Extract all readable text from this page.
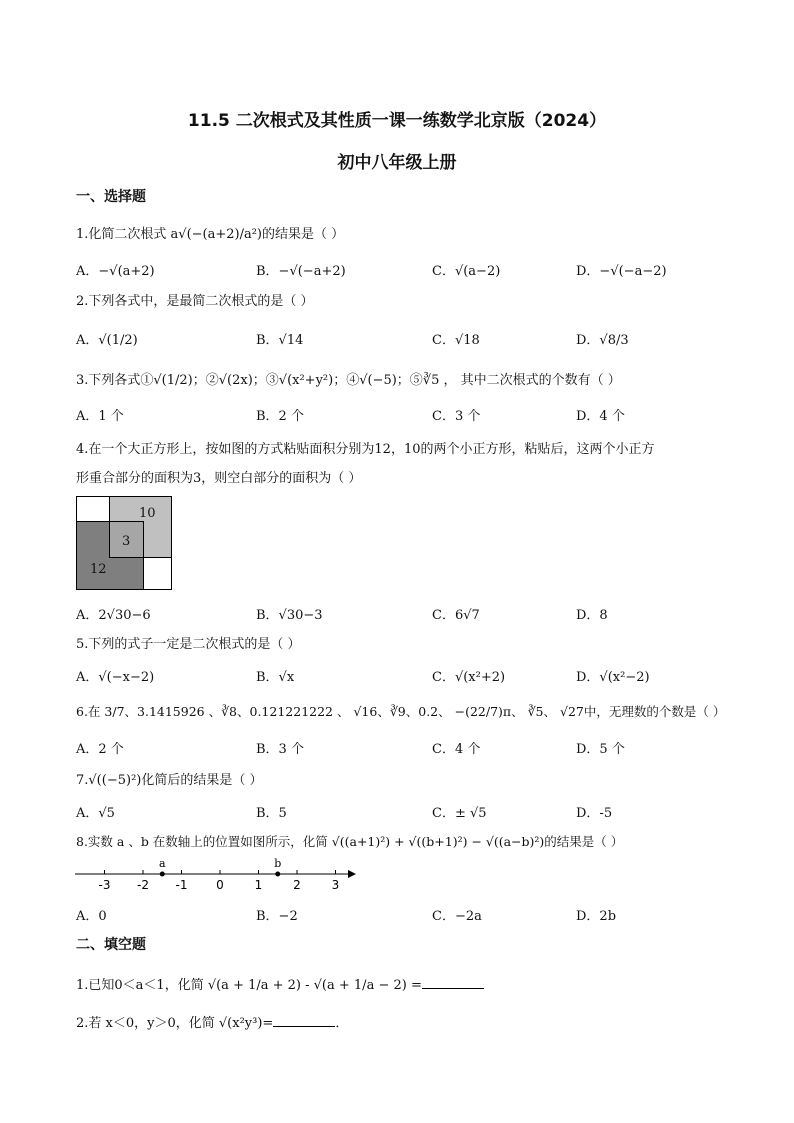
11.5 二次根式及其性质一课一练数学北京版（2024）
初中八年级上册
一、选择题
1.化简二次根式 a√(−(a+2)/a²)的结果是（ ）
A．−√(a+2)	B．−√(−a+2)	C．√(a−2)	D．−√(−a−2)
2.下列各式中，是最简二次根式的是（ ）
A．√(1/2)	B．√14	C．√18	D．√8/3
3.下列各式①√(1/2)；②√(2x)；③√(x²+y²)；④√(−5)；⑤∛5 ， 其中二次根式的个数有（ ）
A．1 个	B．2 个	C．3 个	D．4 个
4.在一个大正方形上，按如图的方式粘贴面积分别为12，10的两个小正方形，粘贴后，这两个小正方
形重合部分的面积为3，则空白部分的面积为（ ）
10
3
12
A．2√30−6	B．√30−3	C．6√7	D．8
5.下列的式子一定是二次根式的是（ ）
A．√(−x−2)	B．√x	C．√(x²+2)	D．√(x²−2)
6.在 3/7、3.1415926 、∛8、0.121221222 、 √16、∛9、0.2、 −(22/7)π、 ∛5、 √27中，无理数的个数是（ ）
A．2 个	B．3 个	C．4 个	D．5 个
7.√((−5)²)化简后的结果是（ ）
A．√5	B．5	C．± √5	D．-5
8.实数 a 、b 在数轴上的位置如图所示，化简 √((a+1)²) + √((b+1)²) − √((a−b)²)的结果是（ ）
-3 -2 -1 0	1	2	3
a	b
A．0	B．−2	C．−2a	D．2b
二、填空题
1.已知0＜a＜1，化简 √(a + 1/a + 2) - √(a + 1/a − 2) =
2.若 x＜0，y＞0，化简 √(x²y³)=	．
